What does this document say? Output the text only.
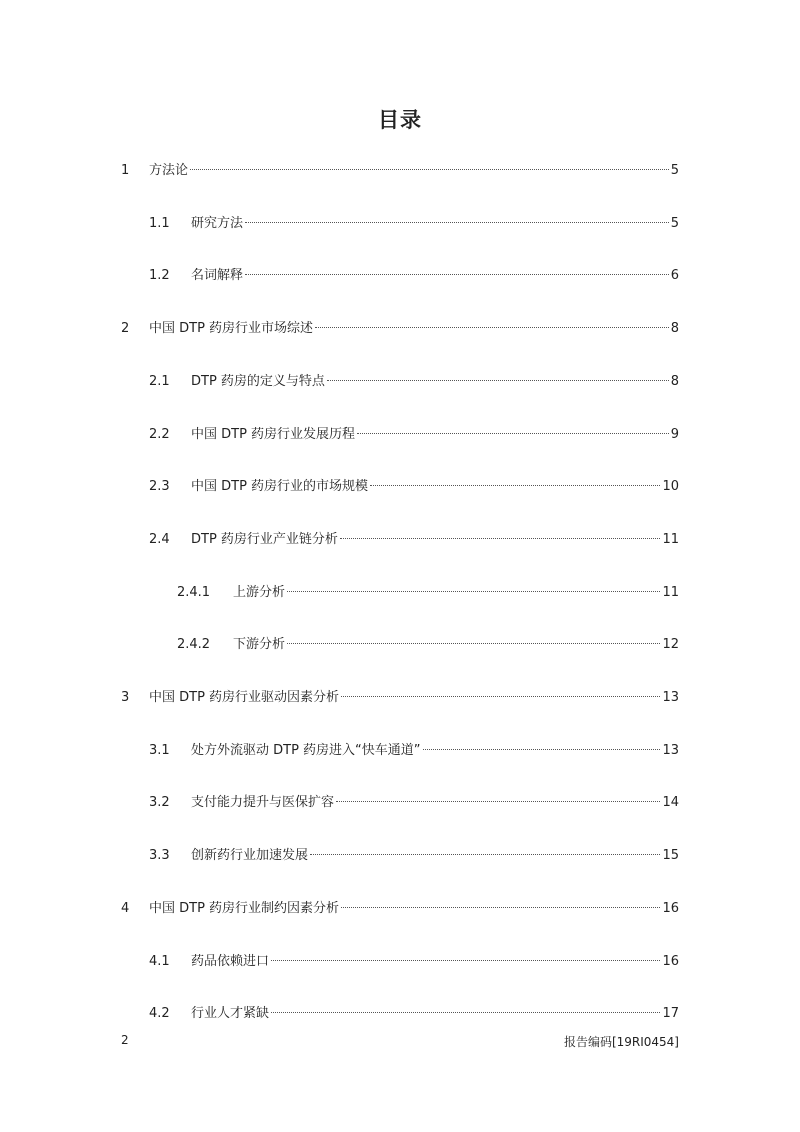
目录
1 方法论	5
1.1 研究方法	5
1.2 名词解释	6
2 中国 DTP 药房行业市场综述	8
2.1 DTP 药房的定义与特点	8
2.2 中国 DTP 药房行业发展历程	9
2.3 中国 DTP 药房行业的市场规模	10
2.4 DTP 药房行业产业链分析	11
2.4.1 上游分析	11
2.4.2 下游分析	12
3 中国 DTP 药房行业驱动因素分析	13
3.1 处方外流驱动 DTP 药房进入“快车通道”	13
3.2 支付能力提升与医保扩容	14
3.3 创新药行业加速发展	15
4 中国 DTP 药房行业制约因素分析	16
4.1 药品依赖进口	16
4.2 行业人才紧缺	17
2	报告编码[19RI0454]
